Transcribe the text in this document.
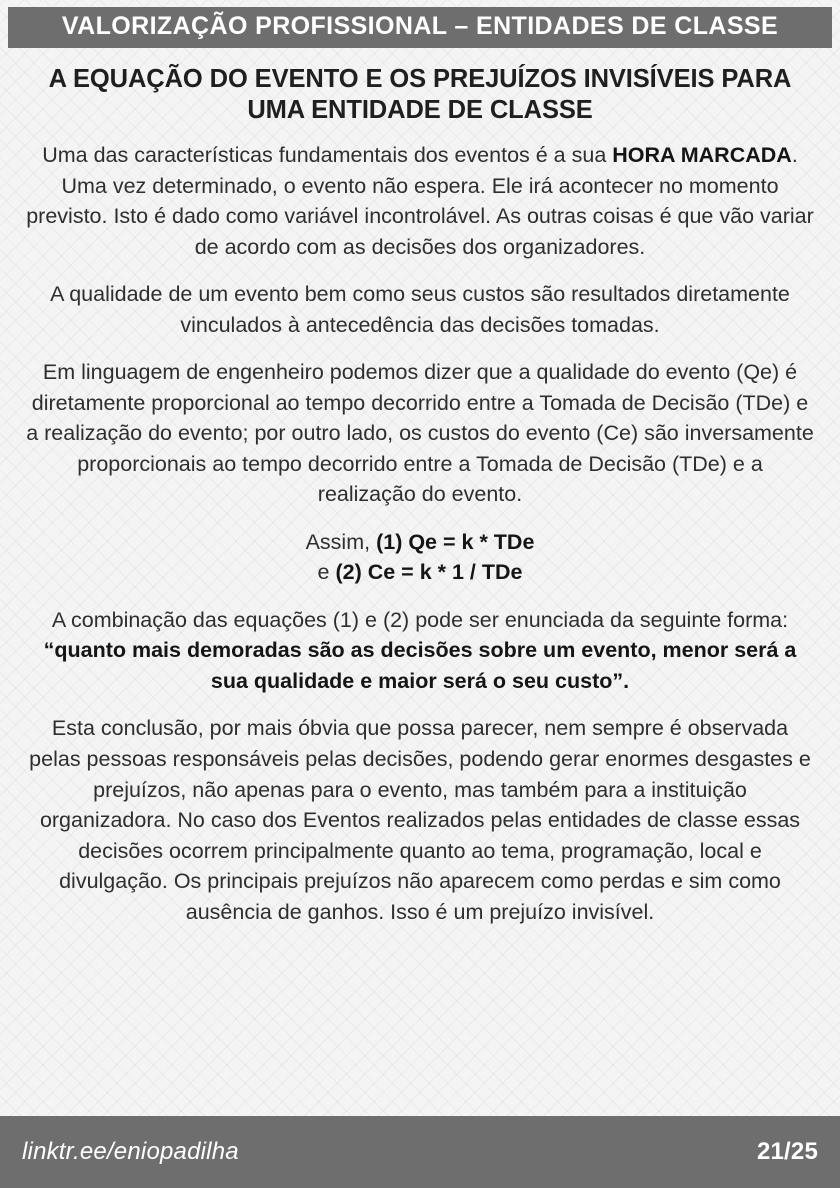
VALORIZAÇÃO PROFISSIONAL – ENTIDADES DE CLASSE
A EQUAÇÃO DO EVENTO E OS PREJUÍZOS INVISÍVEIS PARA UMA ENTIDADE DE CLASSE

Uma das características fundamentais dos eventos é a sua HORA MARCADA. Uma vez determinado, o evento não espera. Ele irá acontecer no momento previsto. Isto é dado como variável incontrolável. As outras coisas é que vão variar de acordo com as decisões dos organizadores.

A qualidade de um evento bem como seus custos são resultados diretamente vinculados à antecedência das decisões tomadas.

Em linguagem de engenheiro podemos dizer que a qualidade do evento (Qe) é diretamente proporcional ao tempo decorrido entre a Tomada de Decisão (TDe) e a realização do evento; por outro lado, os custos do evento (Ce) são inversamente proporcionais ao tempo decorrido entre a Tomada de Decisão (TDe) e a realização do evento.

Assim, (1) Qe = k * TDe
e (2) Ce = k * 1 / TDe

A combinação das equações (1) e (2) pode ser enunciada da seguinte forma: “quanto mais demoradas são as decisões sobre um evento, menor será a sua qualidade e maior será o seu custo”.

Esta conclusão, por mais óbvia que possa parecer, nem sempre é observada pelas pessoas responsáveis pelas decisões, podendo gerar enormes desgastes e prejuízos, não apenas para o evento, mas também para a instituição organizadora. No caso dos Eventos realizados pelas entidades de classe essas decisões ocorrem principalmente quanto ao tema, programação, local e divulgação. Os principais prejuízos não aparecem como perdas e sim como ausência de ganhos. Isso é um prejuízo invisível.

linktr.ee/eniopadilha	21/25
